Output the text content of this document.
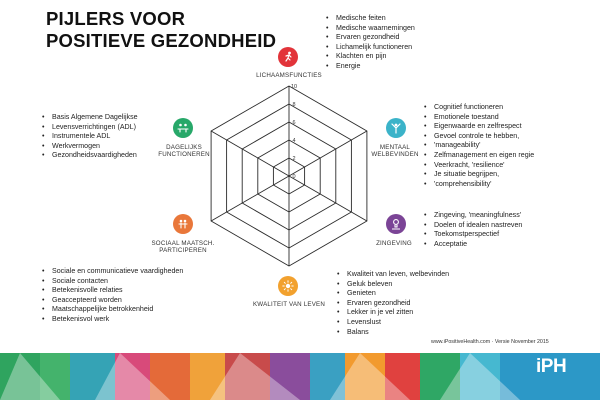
PIJLERS VOOR
POSITIEVE GEZONDHEID
10
8
6
4
2
0
LICHAAMSFUNCTIES
• Medische feiten
• Medische waarnemingen
• Ervaren gezondheid
• Lichamelijk functioneren
• Klachten en pijn
• Energie
MENTAAL
WELBEVINDEN
• Cognitief functioneren
• Emotionele toestand
• Eigenwaarde en zelfrespect
• Gevoel controle te hebben,
• 'manageability'
• Zelfmanagement en eigen regie
• Veerkracht, 'resilience'
• Je situatie begrijpen,
• 'comprehensibility'
ZINGEVING
• Zingeving, 'meaningfulness'
• Doelen of idealen nastreven
• Toekomstperspectief
• Acceptatie
KWALITEIT VAN LEVEN
• Kwaliteit van leven, welbevinden
• Geluk beleven
• Genieten
• Ervaren gezondheid
• Lekker in je vel zitten
• Levenslust
• Balans
SOCIAAL MAATSCH.
PARTICIPEREN
• Sociale en communicatieve vaardigheden
• Sociale contacten
• Betekenisvolle relaties
• Geaccepteerd worden
• Maatschappelijke betrokkenheid
• Betekenisvol werk
DAGELIJKS
FUNCTIONEREN
• Basis Algemene Dagelijkse
• Levensverrichtingen (ADL)
• Instrumentele ADL
• Werkvermogen
• Gezondheidsvaardigheden
www.iPositiveHealth.com · Versie November 2015
iPH
